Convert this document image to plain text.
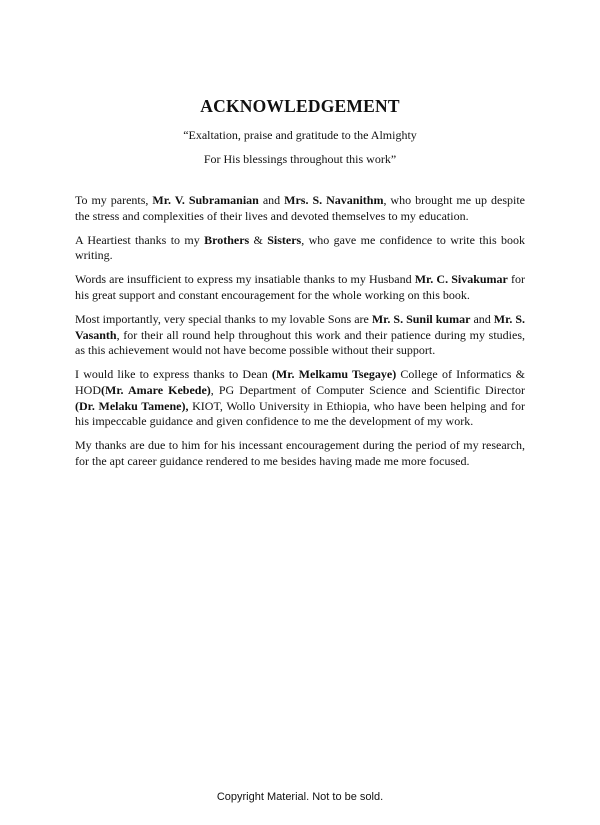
ACKNOWLEDGEMENT
“Exaltation, praise and gratitude to the Almighty
For His blessings throughout this work”

To my parents, Mr. V. Subramanian and Mrs. S. Navanithm, who brought me up despite the stress and complexities of their lives and devoted themselves to my education.

A Heartiest thanks to my Brothers & Sisters, who gave me confidence to write this book writing.

Words are insufficient to express my insatiable thanks to my Husband Mr. C. Sivakumar for his great support and constant encouragement for the whole working on this book.

Most importantly, very special thanks to my lovable Sons are Mr. S. Sunil kumar and Mr. S. Vasanth, for their all round help throughout this work and their patience during my studies, as this achievement would not have become possible without their support.

I would like to express thanks to Dean (Mr. Melkamu Tsegaye) College of Informatics & HOD(Mr. Amare Kebede), PG Department of Computer Science and Scientific Director (Dr. Melaku Tamene), KIOT, Wollo University in Ethiopia, who have been helping and for his impeccable guidance and given confidence to me the development of my work.

My thanks are due to him for his incessant encouragement during the period of my research, for the apt career guidance rendered to me besides having made me more focused.

Copyright Material. Not to be sold.
